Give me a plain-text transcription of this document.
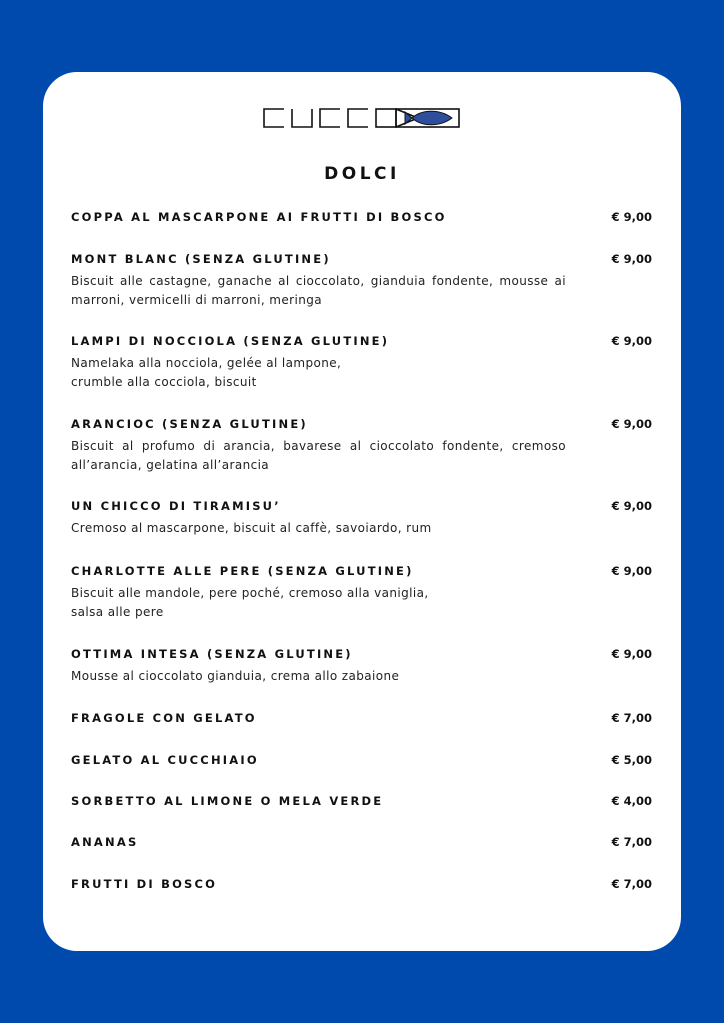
DOLCI
COPPA AL MASCARPONE AI FRUTTI DI BOSCO	€ 9,00
MONT BLANC (SENZA GLUTINE)	€ 9,00
Biscuit alle castagne, ganache al cioccolato, gianduia fondente, mousse ai marroni, vermicelli di marroni, meringa
LAMPI DI NOCCIOLA (SENZA GLUTINE)	€ 9,00
Namelaka alla nocciola, gelée al lampone,
crumble alla cocciola, biscuit
ARANCIOC (SENZA GLUTINE)	€ 9,00
Biscuit al profumo di arancia, bavarese al cioccolato fondente, cremoso all’arancia, gelatina all’arancia
UN CHICCO DI TIRAMISU’	€ 9,00
Cremoso al mascarpone, biscuit al caffè, savoiardo, rum
CHARLOTTE ALLE PERE (SENZA GLUTINE)	€ 9,00
Biscuit alle mandole, pere poché, cremoso alla vaniglia,
salsa alle pere
OTTIMA INTESA (SENZA GLUTINE)	€ 9,00
Mousse al cioccolato gianduia, crema allo zabaione
FRAGOLE CON GELATO	€ 7,00
GELATO AL CUCCHIAIO	€ 5,00
SORBETTO AL LIMONE O MELA VERDE	€ 4,00
ANANAS	€ 7,00
FRUTTI DI BOSCO	€ 7,00
